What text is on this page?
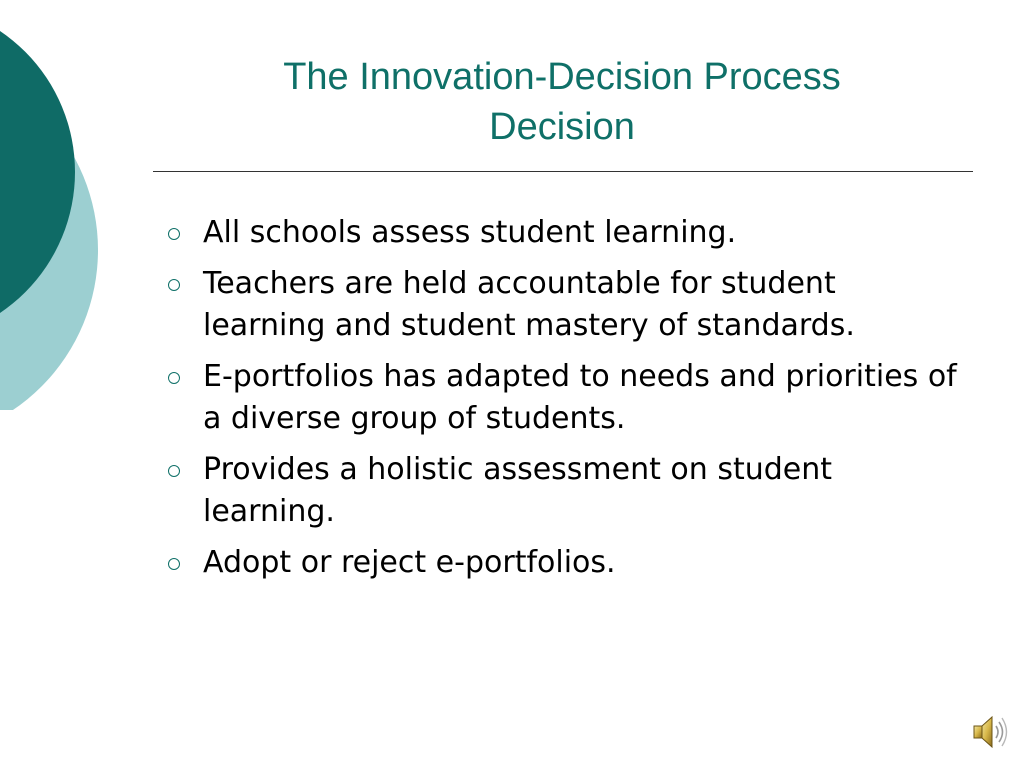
The Innovation-Decision Process
Decision
All schools assess student learning.
Teachers are held accountable for student learning and student mastery of standards.
E-portfolios has adapted to needs and priorities of a diverse group of students.
Provides a holistic assessment on student learning.
Adopt or reject e-portfolios.
